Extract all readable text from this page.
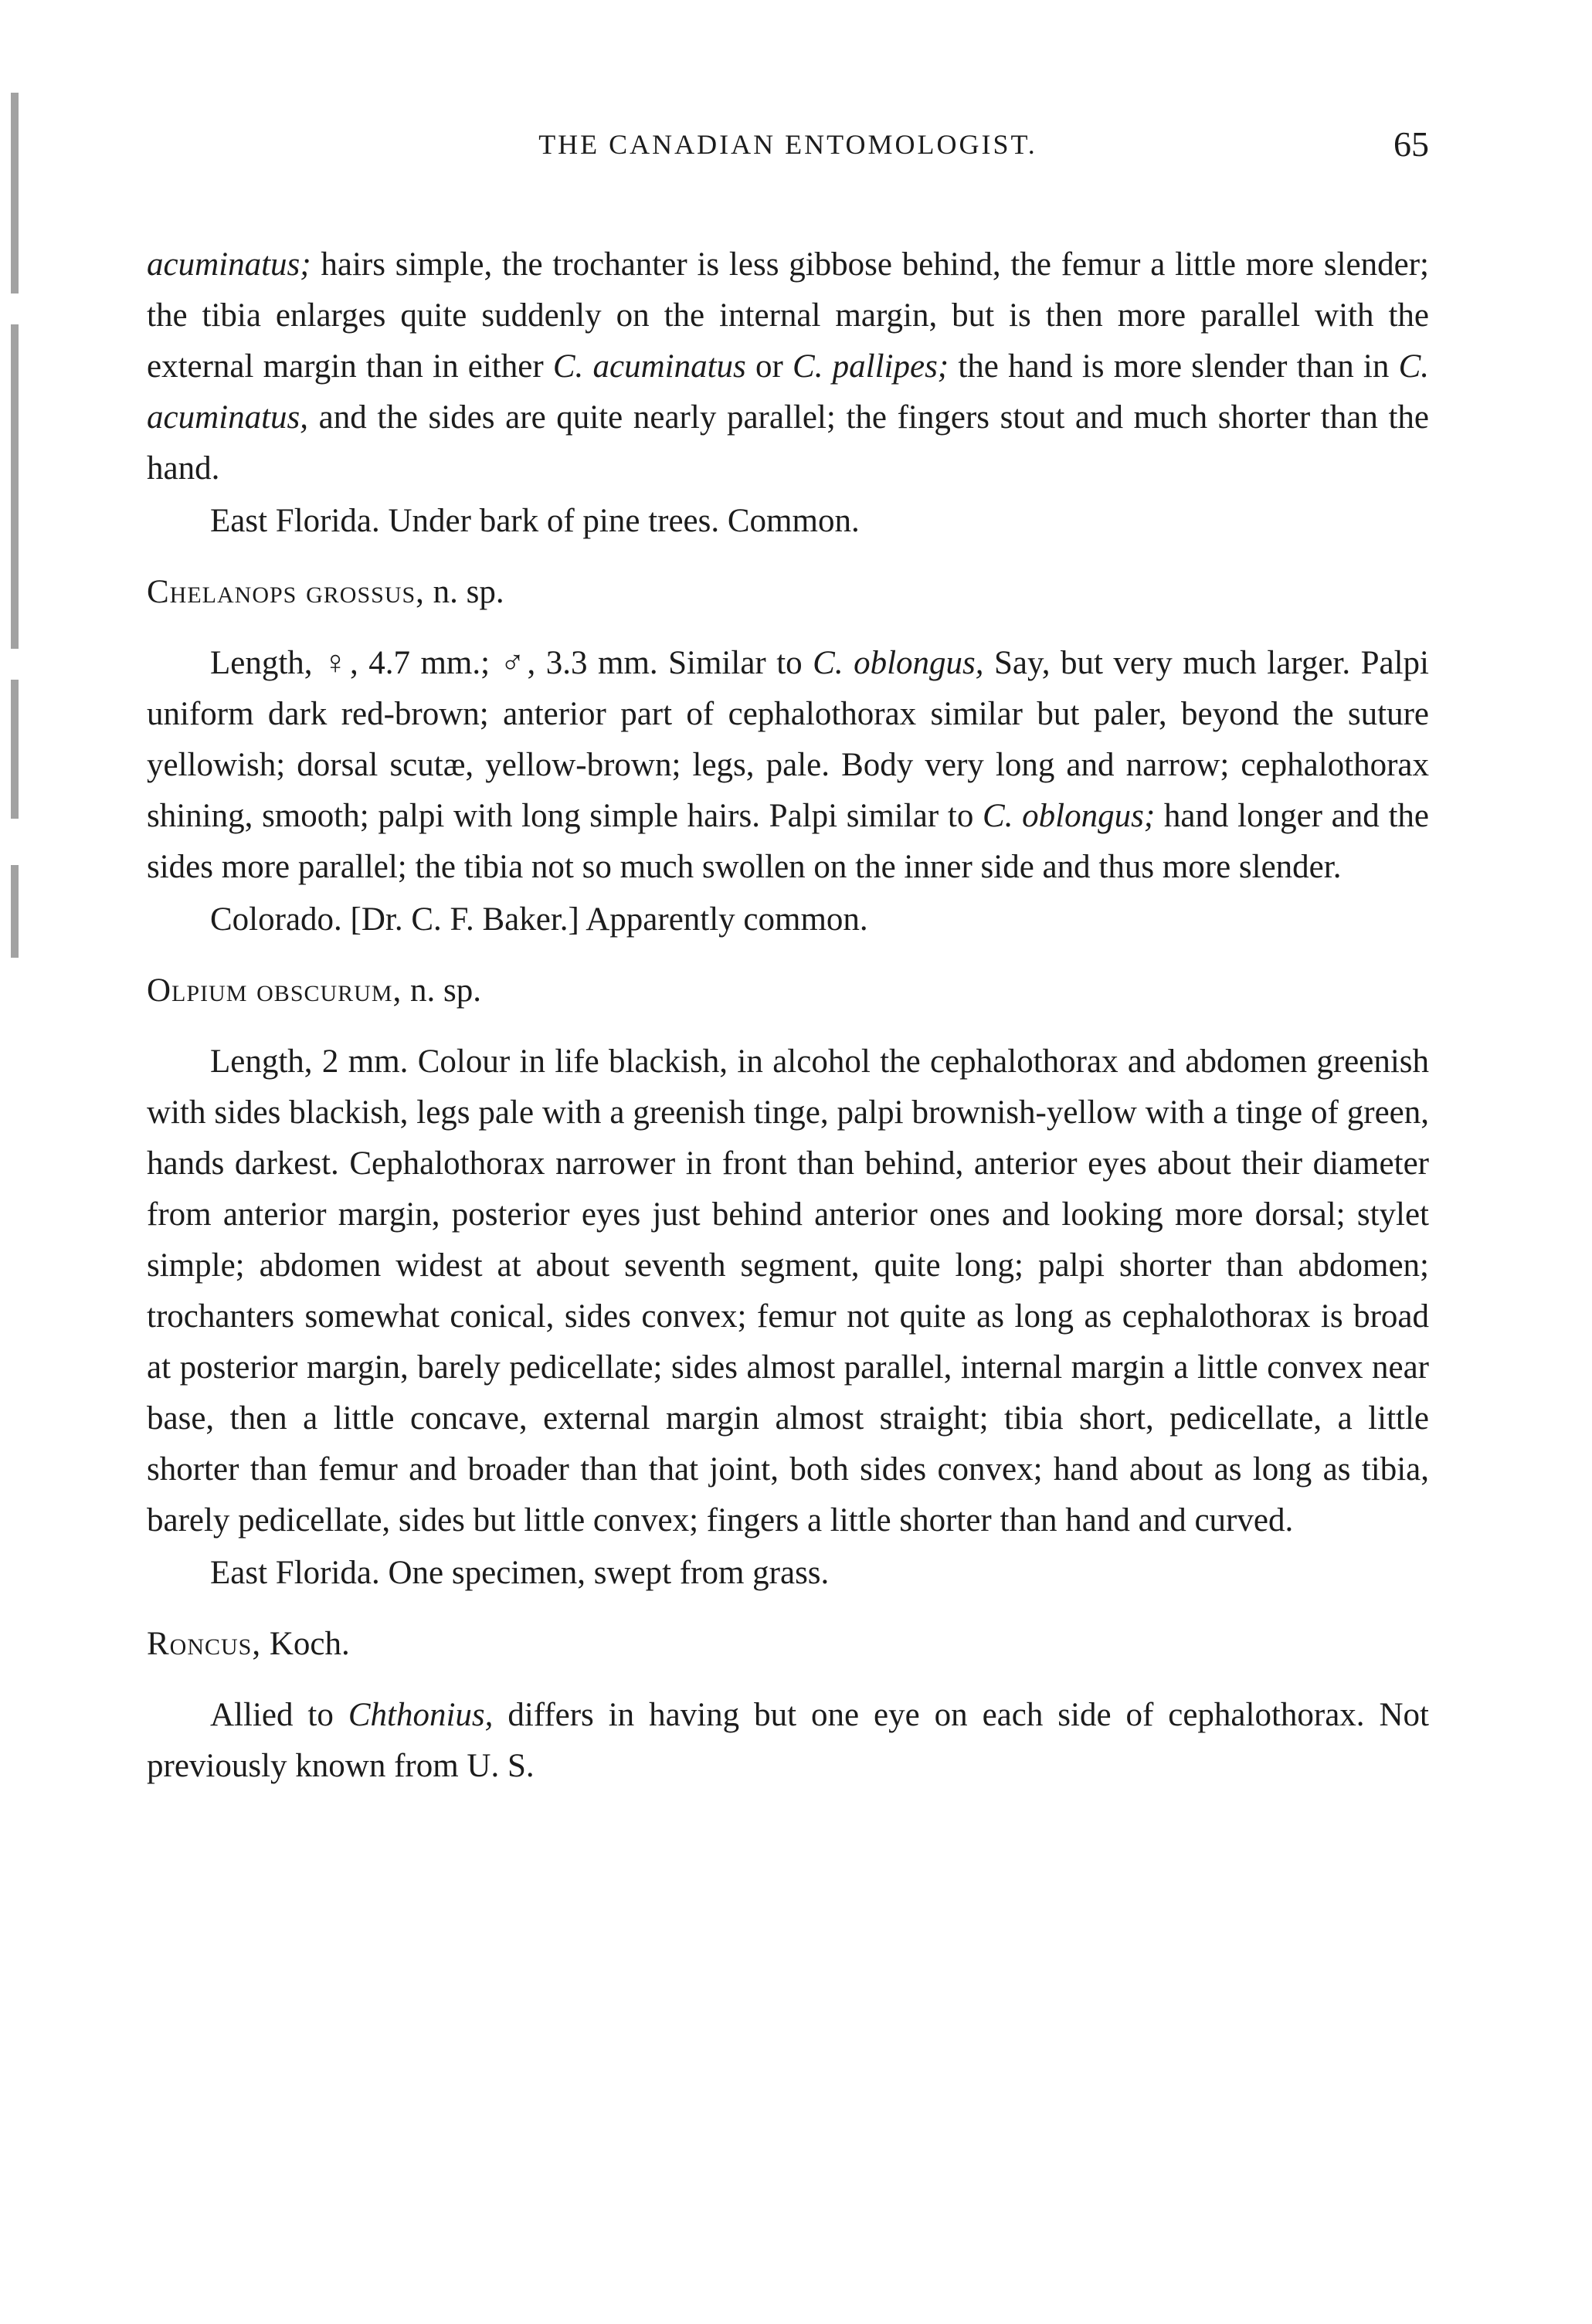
THE CANADIAN ENTOMOLOGIST.	65

acuminatus; hairs simple, the trochanter is less gibbose behind, the femur a little more slender; the tibia enlarges quite suddenly on the internal margin, but is then more parallel with the external margin than in either C. acuminatus or C. pallipes; the hand is more slender than in C. acuminatus, and the sides are quite nearly parallel; the fingers stout and much shorter than the hand.

East Florida. Under bark of pine trees. Common.

Chelanops grossus, n. sp.

Length, ♀, 4.7 mm.; ♂, 3.3 mm. Similar to C. oblongus, Say, but very much larger. Palpi uniform dark red-brown; anterior part of cephalothorax similar but paler, beyond the suture yellowish; dorsal scutæ, yellow-brown; legs, pale. Body very long and narrow; cephalothorax shining, smooth; palpi with long simple hairs. Palpi similar to C. oblongus; hand longer and the sides more parallel; the tibia not so much swollen on the inner side and thus more slender.

Colorado. [Dr. C. F. Baker.] Apparently common.

Olpium obscurum, n. sp.

Length, 2 mm. Colour in life blackish, in alcohol the cephalothorax and abdomen greenish with sides blackish, legs pale with a greenish tinge, palpi brownish-yellow with a tinge of green, hands darkest. Cephalothorax narrower in front than behind, anterior eyes about their diameter from anterior margin, posterior eyes just behind anterior ones and looking more dorsal; stylet simple; abdomen widest at about seventh segment, quite long; palpi shorter than abdomen; trochanters somewhat conical, sides convex; femur not quite as long as cephalothorax is broad at posterior margin, barely pedicellate; sides almost parallel, internal margin a little convex near base, then a little concave, external margin almost straight; tibia short, pedicellate, a little shorter than femur and broader than that joint, both sides convex; hand about as long as tibia, barely pedicellate, sides but little convex; fingers a little shorter than hand and curved.

East Florida. One specimen, swept from grass.

Roncus, Koch.

Allied to Chthonius, differs in having but one eye on each side of cephalothorax. Not previously known from U. S.
